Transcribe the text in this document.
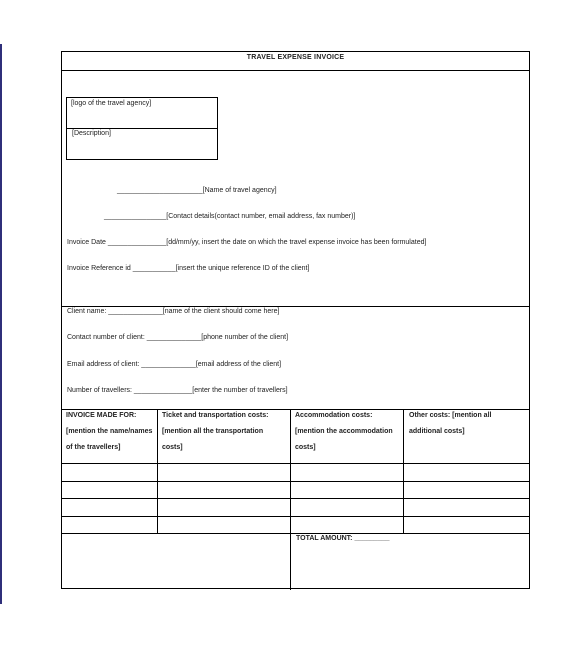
TRAVEL EXPENSE INVOICE
[logo of the travel agency]
[Description]
______________________[Name of travel agency]
________________[Contact details(contact number, email address, fax number)]
Invoice Date _______________[dd/mm/yy, insert the date on which the travel expense invoice has been formulated]
Invoice Reference id ___________[insert the unique reference ID of the client]
Client name: ______________[name of the client should come here]
Contact number of client: ______________[phone number of the client]
Email address of client: ______________[email address of the client]
Number of travellers: _______________[enter the number of travellers]
INVOICE MADE FOR:
[mention the name/names
of the travellers]
Ticket and transportation costs:
[mention all the transportation
costs]
Accommodation costs:
[mention the accommodation
costs]
Other costs: [mention all
additional costs]
TOTAL AMOUNT: _________
